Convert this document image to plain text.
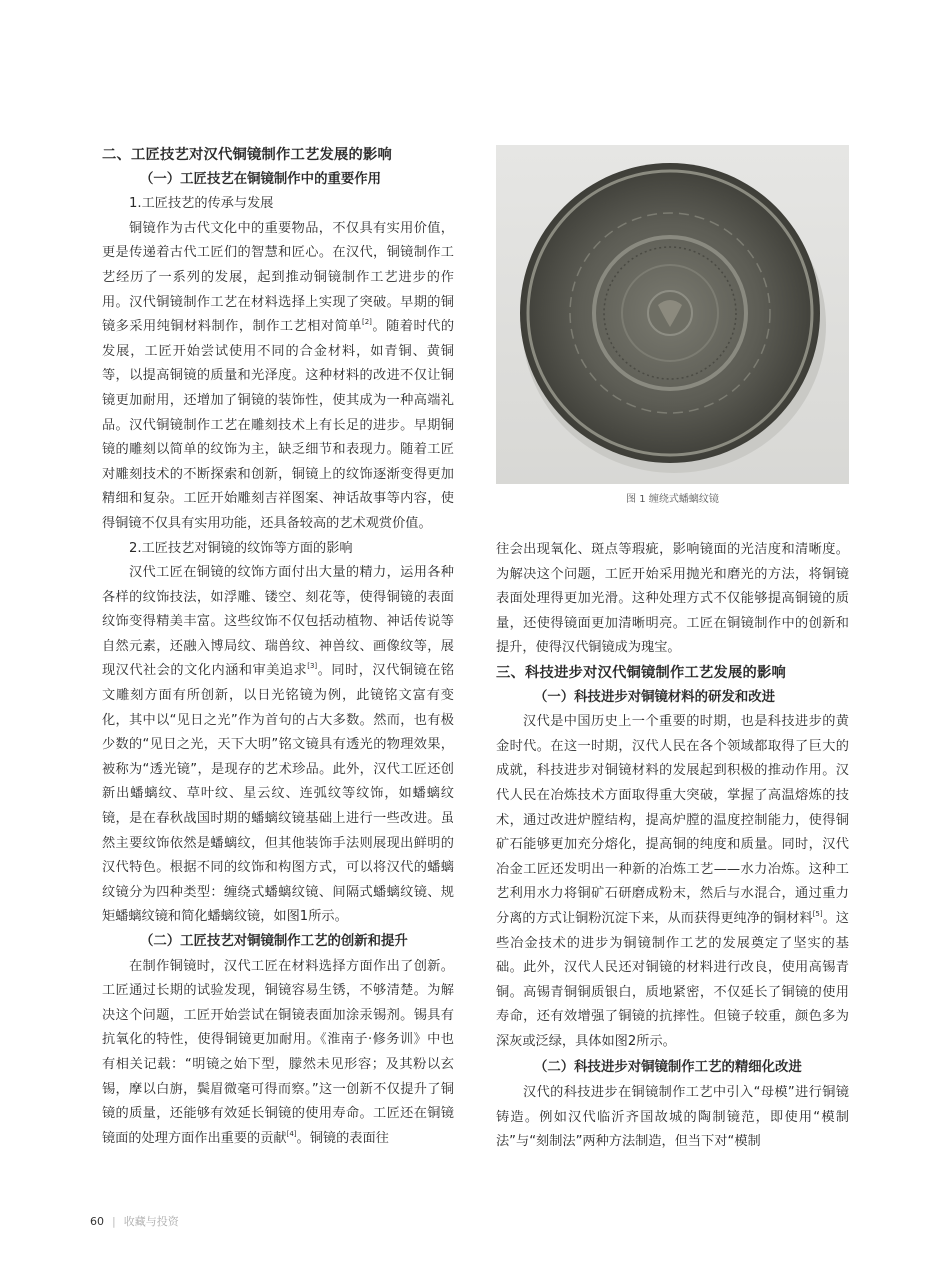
二、工匠技艺对汉代铜镜制作工艺发展的影响
（一）工匠技艺在铜镜制作中的重要作用
1.工匠技艺的传承与发展

铜镜作为古代文化中的重要物品，不仅具有实用价值，更是传递着古代工匠们的智慧和匠心。在汉代，铜镜制作工艺经历了一系列的发展，起到推动铜镜制作工艺进步的作用。汉代铜镜制作工艺在材料选择上实现了突破。早期的铜镜多采用纯铜材料制作，制作工艺相对简单[2]。随着时代的发展，工匠开始尝试使用不同的合金材料，如青铜、黄铜等，以提高铜镜的质量和光泽度。这种材料的改进不仅让铜镜更加耐用，还增加了铜镜的装饰性，使其成为一种高端礼品。汉代铜镜制作工艺在雕刻技术上有长足的进步。早期铜镜的雕刻以简单的纹饰为主，缺乏细节和表现力。随着工匠对雕刻技术的不断探索和创新，铜镜上的纹饰逐渐变得更加精细和复杂。工匠开始雕刻吉祥图案、神话故事等内容，使得铜镜不仅具有实用功能，还具备较高的艺术观赏价值。

2.工匠技艺对铜镜的纹饰等方面的影响

汉代工匠在铜镜的纹饰方面付出大量的精力，运用各种各样的纹饰技法，如浮雕、镂空、刻花等，使得铜镜的表面纹饰变得精美丰富。这些纹饰不仅包括动植物、神话传说等自然元素，还融入博局纹、瑞兽纹、神兽纹、画像纹等，展现汉代社会的文化内涵和审美追求[3]。同时，汉代铜镜在铭文雕刻方面有所创新，以日光铭镜为例，此镜铭文富有变化，其中以“见日之光”作为首句的占大多数。然而，也有极少数的“见日之光，天下大明”铭文镜具有透光的物理效果，被称为“透光镜”，是现存的艺术珍品。此外，汉代工匠还创新出蟠螭纹、草叶纹、星云纹、连弧纹等纹饰，如蟠螭纹镜，是在春秋战国时期的蟠螭纹镜基础上进行一些改进。虽然主要纹饰依然是蟠螭纹，但其他装饰手法则展现出鲜明的汉代特色。根据不同的纹饰和构图方式，可以将汉代的蟠螭纹镜分为四种类型：缠绕式蟠螭纹镜、间隔式蟠螭纹镜、规矩蟠螭纹镜和简化蟠螭纹镜，如图1所示。

（二）工匠技艺对铜镜制作工艺的创新和提升

在制作铜镜时，汉代工匠在材料选择方面作出了创新。工匠通过长期的试验发现，铜镜容易生锈，不够清楚。为解决这个问题，工匠开始尝试在铜镜表面加涂汞锡剂。锡具有抗氧化的特性，使得铜镜更加耐用。《淮南子·修务训》中也有相关记载：“明镜之始下型，朦然未见形容；及其粉以玄锡，摩以白旃，鬓眉微毫可得而察。”这一创新不仅提升了铜镜的质量，还能够有效延长铜镜的使用寿命。工匠还在铜镜镜面的处理方面作出重要的贡献[4]。铜镜的表面往

图 1 缠绕式蟠螭纹镜

往会出现氧化、斑点等瑕疵，影响镜面的光洁度和清晰度。为解决这个问题，工匠开始采用抛光和磨光的方法，将铜镜表面处理得更加光滑。这种处理方式不仅能够提高铜镜的质量，还使得镜面更加清晰明亮。工匠在铜镜制作中的创新和提升，使得汉代铜镜成为瑰宝。

三、科技进步对汉代铜镜制作工艺发展的影响
（一）科技进步对铜镜材料的研发和改进

汉代是中国历史上一个重要的时期，也是科技进步的黄金时代。在这一时期，汉代人民在各个领域都取得了巨大的成就，科技进步对铜镜材料的发展起到积极的推动作用。汉代人民在冶炼技术方面取得重大突破，掌握了高温熔炼的技术，通过改进炉膛结构，提高炉膛的温度控制能力，使得铜矿石能够更加充分熔化，提高铜的纯度和质量。同时，汉代冶金工匠还发明出一种新的冶炼工艺——水力冶炼。这种工艺利用水力将铜矿石研磨成粉末，然后与水混合，通过重力分离的方式让铜粉沉淀下来，从而获得更纯净的铜材料[5]。这些冶金技术的进步为铜镜制作工艺的发展奠定了坚实的基础。此外，汉代人民还对铜镜的材料进行改良，使用高锡青铜。高锡青铜铜质银白，质地紧密，不仅延长了铜镜的使用寿命，还有效增强了铜镜的抗摔性。但镜子较重，颜色多为深灰或泛绿，具体如图2所示。

（二）科技进步对铜镜制作工艺的精细化改进

汉代的科技进步在铜镜制作工艺中引入“母模”进行铜镜铸造。例如汉代临沂齐国故城的陶制镜范，即使用“模制法”与“刻制法”两种方法制造，但当下对“模制

60 | 收藏与投资
